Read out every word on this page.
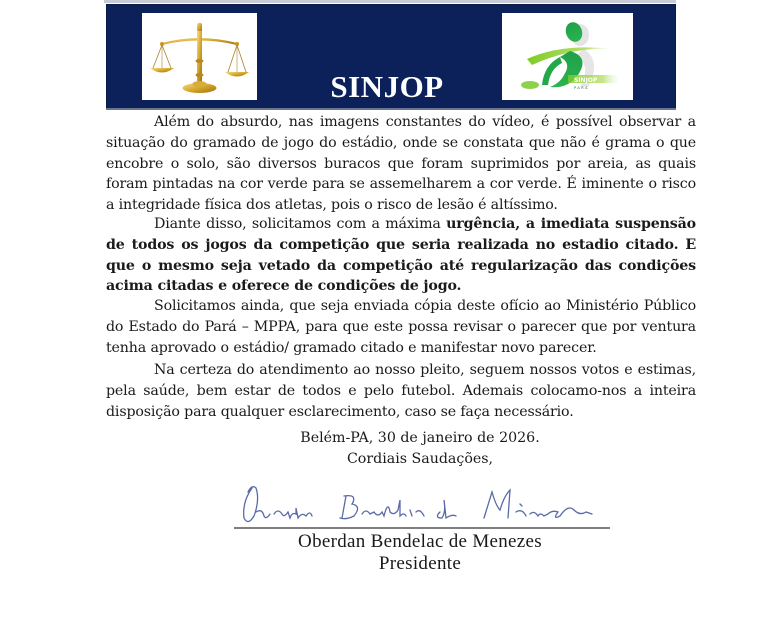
SINJOP	SINJOP
PARA
Além do absurdo, nas imagens constantes do vídeo, é possível observar a situação do gramado de jogo do estádio, onde se constata que não é grama o que encobre o solo, são diversos buracos que foram suprimidos por areia, as quais foram pintadas na cor verde para se assemelharem a cor verde. É iminente o risco a integridade física dos atletas, pois o risco de lesão é altíssimo.
Diante disso, solicitamos com a máxima urgência, a imediata suspensão de todos os jogos da competição que seria realizada no estadio citado. E que o mesmo seja vetado da competição até regularização das condições acima citadas e oferece de condições de jogo.
Solicitamos ainda, que seja enviada cópia deste ofício ao Ministério Público do Estado do Pará – MPPA, para que este possa revisar o parecer que por ventura tenha aprovado o estádio/ gramado citado e manifestar novo parecer.
Na certeza do atendimento ao nosso pleito, seguem nossos votos e estimas, pela saúde, bem estar de todos e pelo futebol. Ademais colocamo-nos a inteira disposição para qualquer esclarecimento, caso se faça necessário.
Belém-PA, 30 de janeiro de 2026.
Cordiais Saudações,
Oberdan Bendelac de Menezes
Presidente
